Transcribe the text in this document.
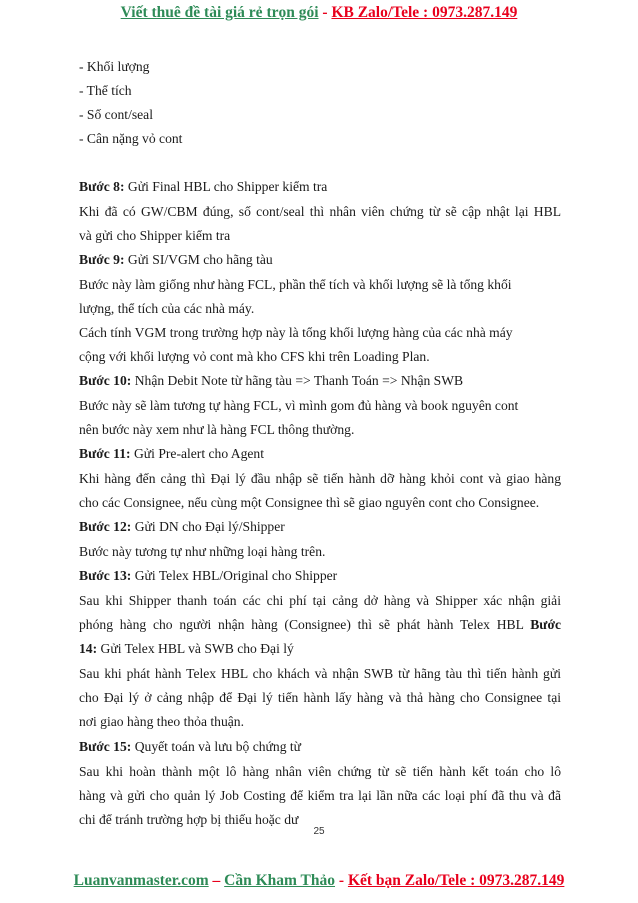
Viết thuê đề tài giá rẻ trọn gói - KB Zalo/Tele : 0973.287.149
- Khối lượng
- Thể tích
- Số cont/seal
- Cân nặng vỏ cont
Bước 8: Gửi Final HBL cho Shipper kiểm tra
Khi đã có GW/CBM đúng, số cont/seal thì nhân viên chứng từ sẽ cập nhật lại HBL
và gửi cho Shipper kiểm tra
Bước 9: Gửi SI/VGM cho hãng tàu
Bước này làm giống như hàng FCL, phần thể tích và khối lượng sẽ là tổng khối
lượng, thể tích của các nhà máy.
Cách tính VGM trong trường hợp này là tổng khối lượng hàng của các nhà máy
cộng với khối lượng vỏ cont mà kho CFS khi trên Loading Plan.
Bước 10: Nhận Debit Note từ hãng tàu => Thanh Toán => Nhận SWB
Bước này sẽ làm tương tự hàng FCL, vì mình gom đủ hàng và book nguyên cont
nên bước này xem như là hàng FCL thông thường.
Bước 11: Gửi Pre-alert cho Agent
Khi hàng đến cảng thì Đại lý đầu nhập sẽ tiến hành dỡ hàng khỏi cont và giao hàng
cho các Consignee, nếu cùng một Consignee thì sẽ giao nguyên cont cho Consignee.
Bước 12: Gửi DN cho Đại lý/Shipper
Bước này tương tự như những loại hàng trên.
Bước 13: Gửi Telex HBL/Original cho Shipper
Sau khi Shipper thanh toán các chi phí tại cảng dở hàng và Shipper xác nhận giải
phóng hàng cho người nhận hàng (Consignee) thì sẽ phát hành Telex HBL Bước
14: Gửi Telex HBL và SWB cho Đại lý
Sau khi phát hành Telex HBL cho khách và nhận SWB từ hãng tàu thì tiến hành gửi
cho Đại lý ở cảng nhập để Đại lý tiến hành lấy hàng và thả hàng cho Consignee tại
nơi giao hàng theo thỏa thuận.
Bước 15: Quyết toán và lưu bộ chứng từ
Sau khi hoàn thành một lô hàng nhân viên chứng từ sẽ tiến hành kết toán cho lô
hàng và gửi cho quản lý Job Costing để kiểm tra lại lần nữa các loại phí đã thu và đã
chi để tránh trường hợp bị thiếu hoặc dư
25
Luanvanmaster.com – Cần Kham Thảo - Kết bạn Zalo/Tele : 0973.287.149
